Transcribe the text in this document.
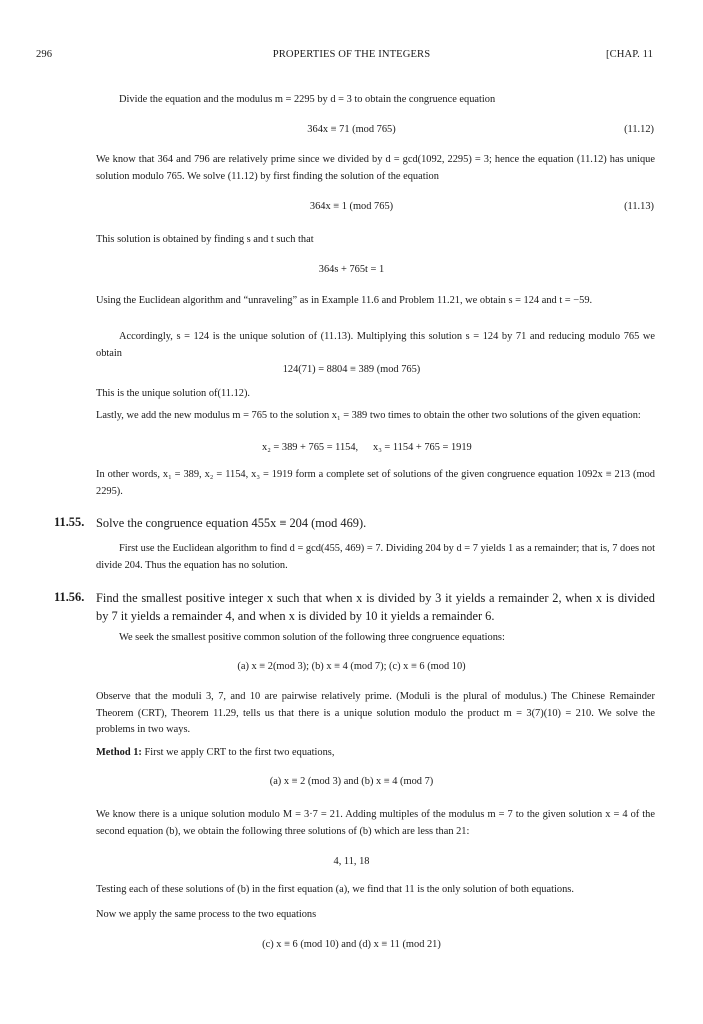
296	PROPERTIES OF THE INTEGERS	[CHAP. 11
Divide the equation and the modulus m = 2295 by d = 3 to obtain the congruence equation
364x ≡ 71 (mod 765)	(11.12)
We know that 364 and 796 are relatively prime since we divided by d = gcd(1092, 2295) = 3; hence the equation (11.12) has unique solution modulo 765. We solve (11.12) by first finding the solution of the equation
364x ≡ 1 (mod 765)	(11.13)
This solution is obtained by finding s and t such that
364s + 765t = 1
Using the Euclidean algorithm and “unraveling” as in Example 11.6 and Problem 11.21, we obtain s = 124 and t = −59.
Accordingly, s = 124 is the unique solution of (11.13). Multiplying this solution s = 124 by 71 and reducing modulo 765 we obtain
124(71) = 8804 ≡ 389 (mod 765)
This is the unique solution of(11.12).
Lastly, we add the new modulus m = 765 to the solution x₁ = 389 two times to obtain the other two solutions of the given equation:
x₂ = 389 + 765 = 1154, x₃ = 1154 + 765 = 1919
In other words, x₁ = 389, x₂ = 1154, x₃ = 1919 form a complete set of solutions of the given congruence equation 1092x ≡ 213 (mod 2295).
11.55. Solve the congruence equation 455x ≡ 204 (mod 469).
First use the Euclidean algorithm to find d = gcd(455, 469) = 7. Dividing 204 by d = 7 yields 1 as a remainder; that is, 7 does not divide 204. Thus the equation has no solution.
11.56. Find the smallest positive integer x such that when x is divided by 3 it yields a remainder 2, when x is divided by 7 it yields a remainder 4, and when x is divided by 10 it yields a remainder 6.
We seek the smallest positive common solution of the following three congruence equations:
(a) x ≡ 2(mod 3); (b) x ≡ 4 (mod 7); (c) x ≡ 6 (mod 10)
Observe that the moduli 3, 7, and 10 are pairwise relatively prime. (Moduli is the plural of modulus.) The Chinese Remainder Theorem (CRT), Theorem 11.29, tells us that there is a unique solution modulo the product m = 3(7)(10) = 210. We solve the problems in two ways.
Method 1: First we apply CRT to the first two equations,
(a) x ≡ 2 (mod 3) and (b) x ≡ 4 (mod 7)
We know there is a unique solution modulo M = 3·7 = 21. Adding multiples of the modulus m = 7 to the given solution x = 4 of the second equation (b), we obtain the following three solutions of (b) which are less than 21:
4, 11, 18
Testing each of these solutions of (b) in the first equation (a), we find that 11 is the only solution of both equations.
Now we apply the same process to the two equations
(c) x ≡ 6 (mod 10) and (d) x ≡ 11 (mod 21)
